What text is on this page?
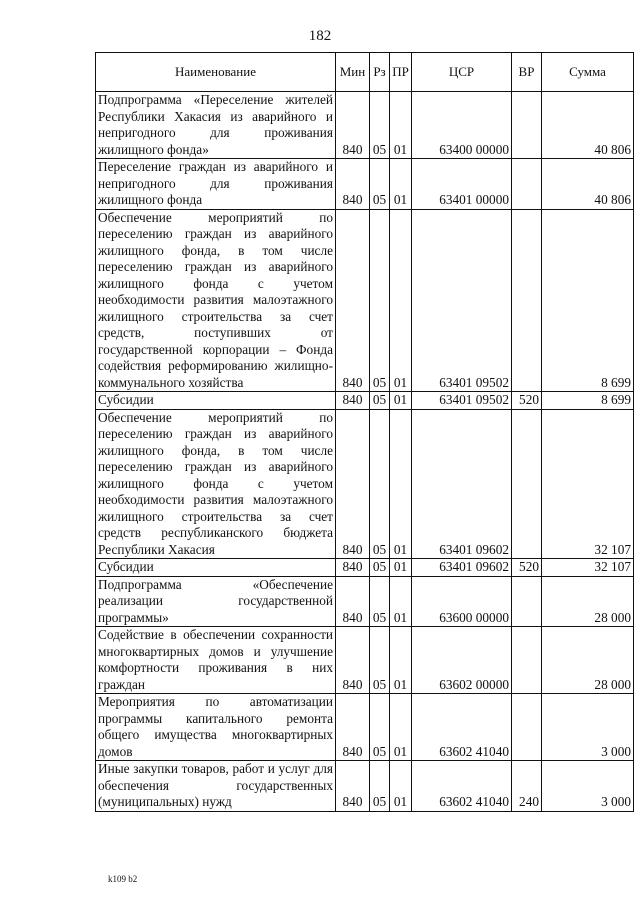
182
Наименование	Мин	Рз	ПР	ЦСР	ВР	Сумма
Подпрограмма «Переселение жителей Республики Хакасия из аварийного и непригодного для проживания жилищного фонда»	840	05	01	63400 00000		40 806
Переселение граждан из аварийного и непригодного для проживания жилищного фонда	840	05	01	63401 00000		40 806
Обеспечение мероприятий по переселению граждан из аварийного жилищного фонда, в том числе переселению граждан из аварийного жилищного фонда с учетом необходимости развития малоэтажного жилищного строительства за счет средств, поступивших от государственной корпорации – Фонда содействия реформированию жилищно-коммунального хозяйства	840	05	01	63401 09502		8 699
Субсидии	840	05	01	63401 09502	520	8 699
Обеспечение мероприятий по переселению граждан из аварийного жилищного фонда, в том числе переселению граждан из аварийного жилищного фонда с учетом необходимости развития малоэтажного жилищного строительства за счет средств республиканского бюджета Республики Хакасия	840	05	01	63401 09602		32 107
Субсидии	840	05	01	63401 09602	520	32 107
Подпрограмма «Обеспечение реализации государственной программы»	840	05	01	63600 00000		28 000
Содействие в обеспечении сохранности многоквартирных домов и улучшение комфортности проживания в них граждан	840	05	01	63602 00000		28 000
Мероприятия по автоматизации программы капитального ремонта общего имущества многоквартирных домов	840	05	01	63602 41040		3 000
Иные закупки товаров, работ и услуг для обеспечения государственных (муниципальных) нужд	840	05	01	63602 41040	240	3 000
k109 b2
